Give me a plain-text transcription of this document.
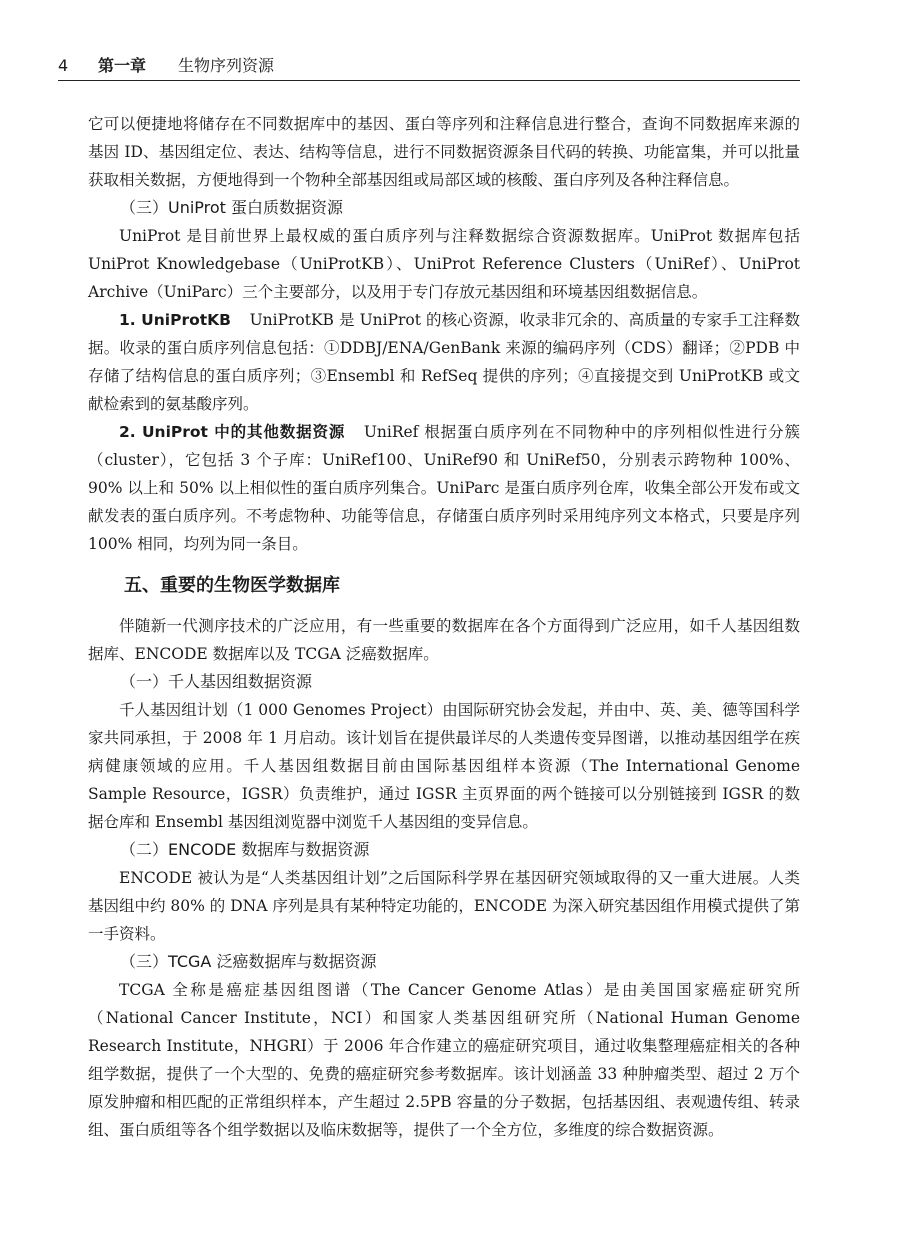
4 第一章 生物序列资源

它可以便捷地将储存在不同数据库中的基因、蛋白等序列和注释信息进行整合，查询不同数据库来源的基因 ID、基因组定位、表达、结构等信息，进行不同数据资源条目代码的转换、功能富集，并可以批量获取相关数据，方便地得到一个物种全部基因组或局部区域的核酸、蛋白序列及各种注释信息。

（三）UniProt 蛋白质数据资源

UniProt 是目前世界上最权威的蛋白质序列与注释数据综合资源数据库。UniProt 数据库包括 UniProt Knowledgebase（UniProtKB）、UniProt Reference Clusters（UniRef）、UniProt Archive（UniParc）三个主要部分，以及用于专门存放元基因组和环境基因组数据信息。

1. UniProtKB UniProtKB 是 UniProt 的核心资源，收录非冗余的、高质量的专家手工注释数据。收录的蛋白质序列信息包括：①DDBJ/ENA/GenBank 来源的编码序列（CDS）翻译；②PDB 中存储了结构信息的蛋白质序列；③Ensembl 和 RefSeq 提供的序列；④直接提交到 UniProtKB 或文献检索到的氨基酸序列。

2. UniProt 中的其他数据资源 UniRef 根据蛋白质序列在不同物种中的序列相似性进行分簇（cluster），它包括 3 个子库：UniRef100、UniRef90 和 UniRef50，分别表示跨物种 100%、90% 以上和 50% 以上相似性的蛋白质序列集合。UniParc 是蛋白质序列仓库，收集全部公开发布或文献发表的蛋白质序列。不考虑物种、功能等信息，存储蛋白质序列时采用纯序列文本格式，只要是序列 100% 相同，均列为同一条目。

五、重要的生物医学数据库

伴随新一代测序技术的广泛应用，有一些重要的数据库在各个方面得到广泛应用，如千人基因组数据库、ENCODE 数据库以及 TCGA 泛癌数据库。

（一）千人基因组数据资源

千人基因组计划（1 000 Genomes Project）由国际研究协会发起，并由中、英、美、德等国科学家共同承担，于 2008 年 1 月启动。该计划旨在提供最详尽的人类遗传变异图谱，以推动基因组学在疾病健康领域的应用。千人基因组数据目前由国际基因组样本资源（The International Genome Sample Resource，IGSR）负责维护，通过 IGSR 主页界面的两个链接可以分别链接到 IGSR 的数据仓库和 Ensembl 基因组浏览器中浏览千人基因组的变异信息。

（二）ENCODE 数据库与数据资源

ENCODE 被认为是“人类基因组计划”之后国际科学界在基因研究领域取得的又一重大进展。人类基因组中约 80% 的 DNA 序列是具有某种特定功能的，ENCODE 为深入研究基因组作用模式提供了第一手资料。

（三）TCGA 泛癌数据库与数据资源

TCGA 全称是癌症基因组图谱（The Cancer Genome Atlas）是由美国国家癌症研究所（National Cancer Institute，NCI）和国家人类基因组研究所（National Human Genome Research Institute，NHGRI）于 2006 年合作建立的癌症研究项目，通过收集整理癌症相关的各种组学数据，提供了一个大型的、免费的癌症研究参考数据库。该计划涵盖 33 种肿瘤类型、超过 2 万个原发肿瘤和相匹配的正常组织样本，产生超过 2.5PB 容量的分子数据，包括基因组、表观遗传组、转录组、蛋白质组等各个组学数据以及临床数据等，提供了一个全方位，多维度的综合数据资源。
